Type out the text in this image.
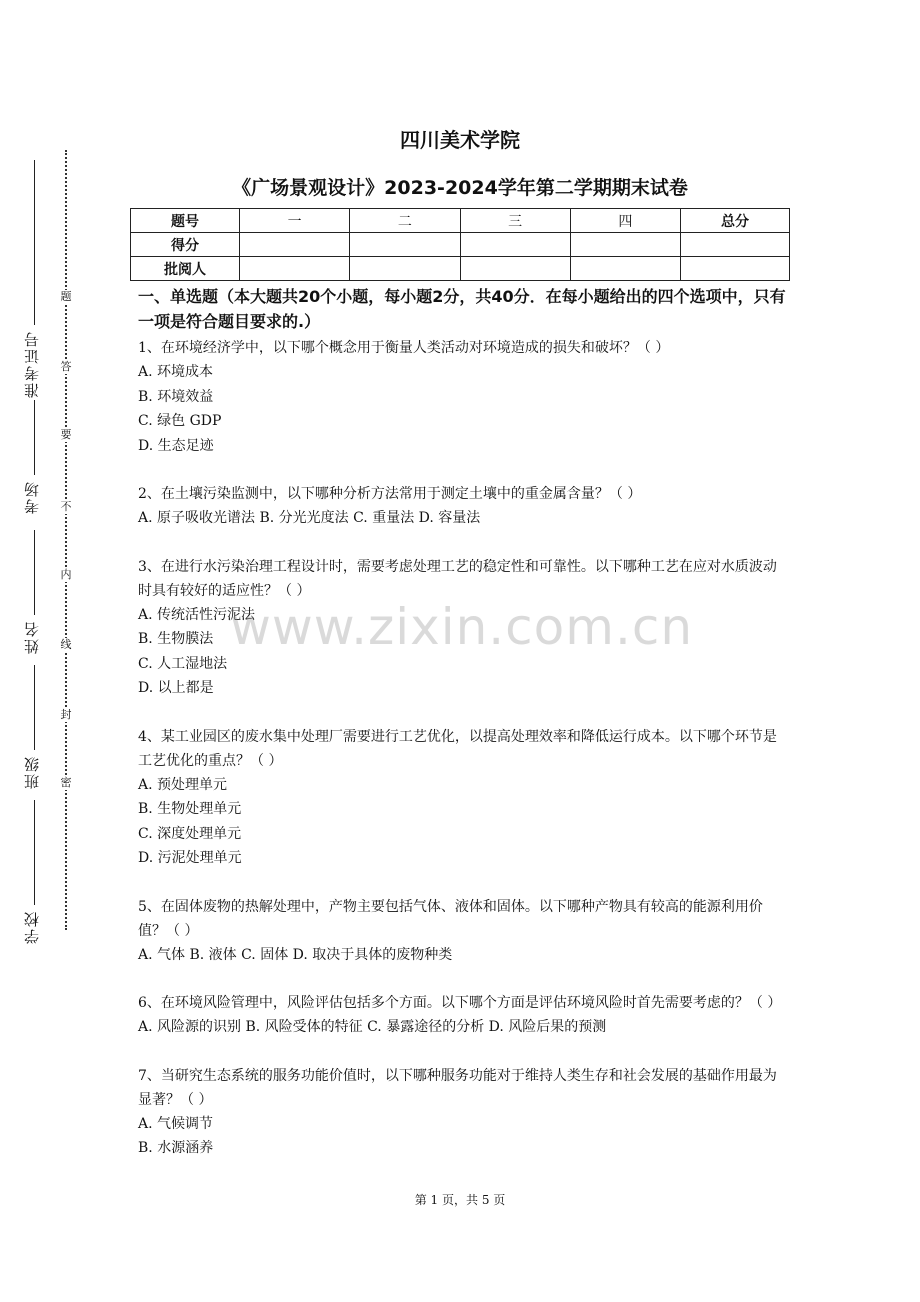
准考证号
考场
姓名
班级
学校
题
答
要
不
内
线
封
密
四川美术学院
《广场景观设计》2023-2024学年第二学期期末试卷
题号	一	二	三	四	总分
得分					
批阅人					

一、单选题（本大题共20个小题，每小题2分，共40分．在每小题给出的四个选项中，只有一项是符合题目要求的.）

1、在环境经济学中，以下哪个概念用于衡量人类活动对环境造成的损失和破坏？（ ）

A. 环境成本

B. 环境效益

C. 绿色 GDP

D. 生态足迹

2、在土壤污染监测中，以下哪种分析方法常用于测定土壤中的重金属含量？（ ）

A. 原子吸收光谱法 B. 分光光度法 C. 重量法 D. 容量法

3、在进行水污染治理工程设计时，需要考虑处理工艺的稳定性和可靠性。以下哪种工艺在应对水质波动时具有较好的适应性？（ ）

A. 传统活性污泥法

B. 生物膜法

C. 人工湿地法

D. 以上都是

4、某工业园区的废水集中处理厂需要进行工艺优化，以提高处理效率和降低运行成本。以下哪个环节是工艺优化的重点？（ ）

A. 预处理单元

B. 生物处理单元

C. 深度处理单元

D. 污泥处理单元

5、在固体废物的热解处理中，产物主要包括气体、液体和固体。以下哪种产物具有较高的能源利用价值？（ ）

A. 气体 B. 液体 C. 固体 D. 取决于具体的废物种类

6、在环境风险管理中，风险评估包括多个方面。以下哪个方面是评估环境风险时首先需要考虑的？（ ）

A. 风险源的识别 B. 风险受体的特征 C. 暴露途径的分析 D. 风险后果的预测

7、当研究生态系统的服务功能价值时，以下哪种服务功能对于维持人类生存和社会发展的基础作用最为显著？（ ）

A. 气候调节

B. 水源涵养

www.zixin.com.cn
第 1 页，共 5 页
